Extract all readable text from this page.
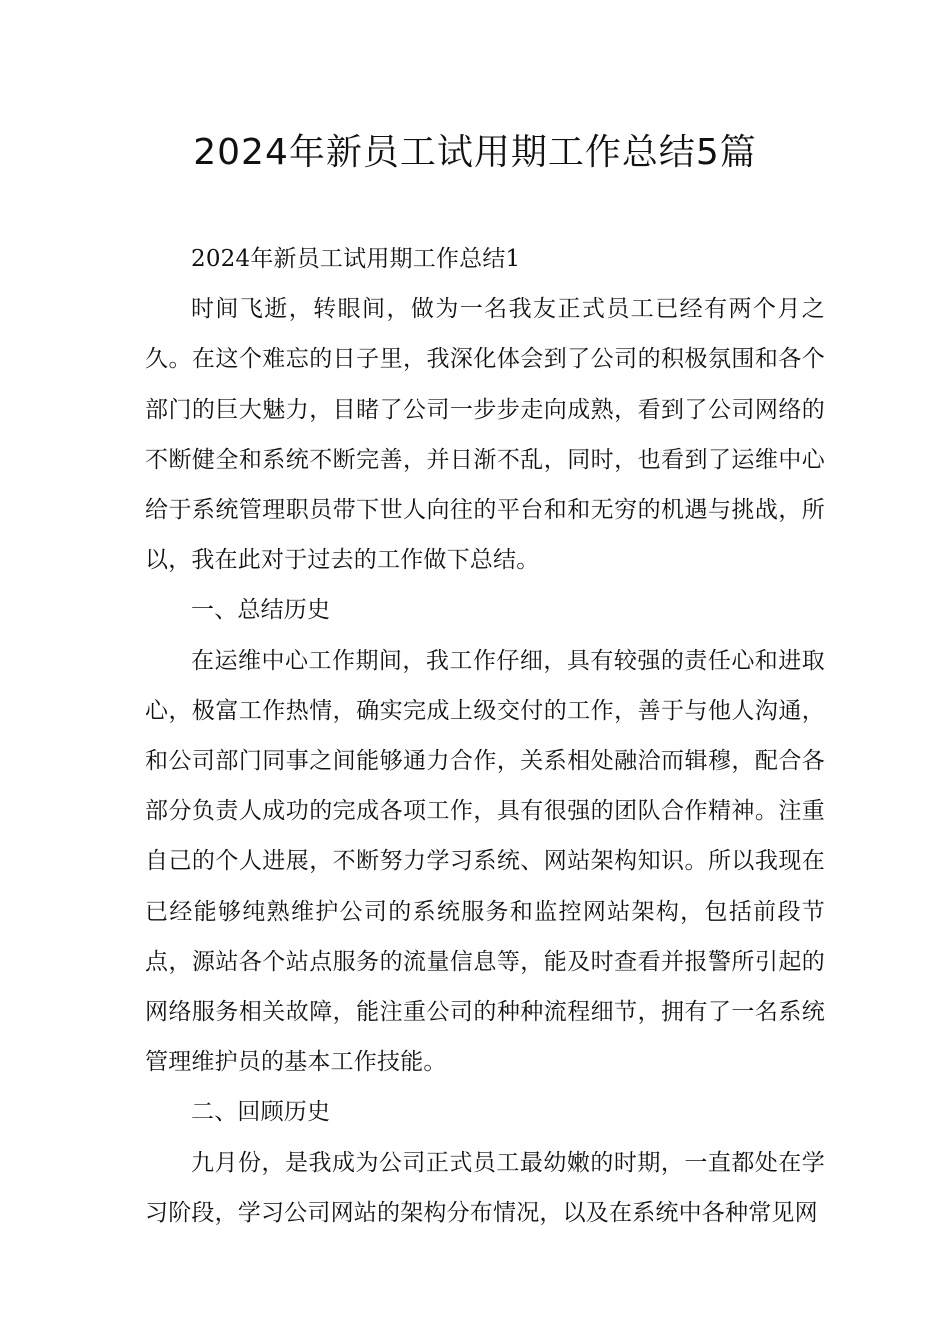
2024年新员工试用期工作总结5篇

2024年新员工试用期工作总结1

时间飞逝，转眼间，做为一名我友正式员工已经有两个月之久。在这个难忘的日子里，我深化体会到了公司的积极氛围和各个部门的巨大魅力，目睹了公司一步步走向成熟，看到了公司网络的不断健全和系统不断完善，并日渐不乱，同时，也看到了运维中心给于系统管理职员带下世人向往的平台和和无穷的机遇与挑战，所以，我在此对于过去的工作做下总结。

一、总结历史

在运维中心工作期间，我工作仔细，具有较强的责任心和进取心，极富工作热情，确实完成上级交付的工作，善于与他人沟通，和公司部门同事之间能够通力合作，关系相处融洽而辑穆，配合各部分负责人成功的完成各项工作，具有很强的团队合作精神。注重自己的个人进展，不断努力学习系统、网站架构知识。所以我现在已经能够纯熟维护公司的系统服务和监控网站架构，包括前段节点，源站各个站点服务的流量信息等，能及时查看并报警所引起的网络服务相关故障，能注重公司的种种流程细节，拥有了一名系统管理维护员的基本工作技能。

二、回顾历史

九月份，是我成为公司正式员工最幼嫩的时期，一直都处在学习阶段，学习公司网站的架构分布情况，以及在系统中各种常见网
